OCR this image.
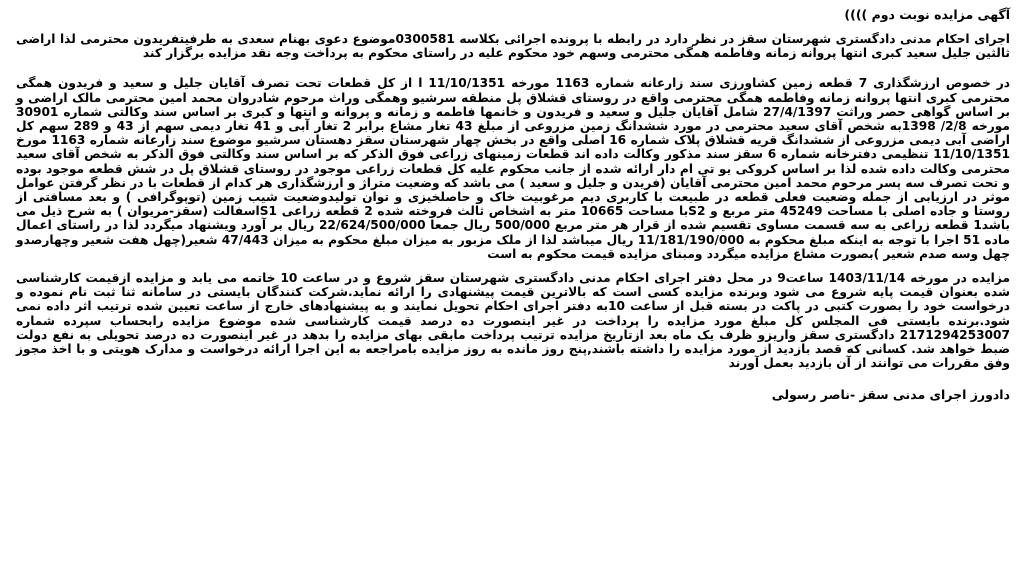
آگهی مزایده نوبت دوم ))))

اجرای احکام مدنی دادگستری شهرستان سقز در نظر دارد در رابطه با پرونده اجرائی بکلاسه 0300581موضوع دعوی بهنام سعدی به طرفیتفریدون محترمی لذا اراضی ثالثین جلیل سعید کبری انتها پروانه زمانه وفاطمه همگی محترمی وسهم خود محکوم علیه در راستای محکوم به پرداخت وجه نقد مزایده برگزار کند

در خصوص ارزشگذاری 7 قطعه زمین کشاورزی سند زارعانه شماره 1163 مورخه 11/10/1351 ا از کل قطعات تحت تصرف آقایان جلیل و سعید و فریدون همگی محترمی کبری انتها پروانه زمانه وفاطمه همگی محترمی واقع در روستای قشلاق پل منطقه سرشیو وهمگی وراث مرحوم شادروان محمد امین محترمی مالک اراضی و بر اساس گواهی حصر وراثت 27/4/1397 شامل آقایان جلیل و سعید و فریدون و خانمها فاطمه و زمانه و پروانه و انتها و کبری بر اساس سند وکالتی شماره 30901 مورخه 2/8/ 1398به شخص آقای سعید محترمی در مورد ششدانگ زمین مزروعی از مبلغ 43 تغار مشاع برابر 2 تغار آبی و 41 تغار دیمی سهم از 43 و 289 سهم کل اراضی آبی دیمی مزروعی از ششدانگ قریه قشلاق پلاک شماره 16 اصلی واقع در بخش چهار شهرستان سقز دهستان سرشیو موضوع سند زارعانه شماره 1163 مورخ 11/10/1351 تنظیمی دفترخانه شماره 6 سقز سند مذکور وکالت داده اند قطعات زمینهای زراعی فوق الذکر که بر اساس سند وکالتی فوق الذکر به شخص آقای سعید محترمی وکالت داده شده لذا بر اساس کروکی یو تی ام دار ارائه شده از جانب محکوم علیه کل قطعات زراعی موجود در روستای قشلاق پل در شش قطعه موجود بوده و تحت تصرف سه پسر مرحوم محمد امین محترمی آقایان (فریدن و جلیل و سعید ) می باشد که وضعیت متراژ و ارزشگذاری هر کدام از قطعات با در نظر گرفتن عوامل موثر در ارزیابی از جمله وضعیت فعلی قطعه در طبیعت با کاربری دیم مرغوبیت خاک و حاصلخیزی و توان تولیدوضعیت شیب زمین (توپوگرافی ) و بعد مسافتی از روستا و جاده اصلی با مساحت 45249 متر مربع و S2با مساحت 10665 متر به اشخاص ثالث فروخته شده 2 قطعه زراعی S1اسفالت (سقز-مریوان ) به شرح ذیل می باشد1 قطعه زراعی به سه قسمت مساوی تقسیم شده از قرار هر متر مربع 500/000 ریال جمعا 22/624/500/000 ریال بر آورد ویشنهاد میگردد لذا در راستای اعمال ماده 51 اجرا با توجه به اینکه مبلغ محکوم به 11/181/190/000 ریال میباشد لذا از ملک مزبور به میزان مبلغ محکوم به میزان 47/443 شعیر(چهل هفت شعیر وچهارصدو چهل وسه صدم شعیر )بصورت مشاع مزایده میگردد ومبنای مزایده قیمت محکوم به است

مزایده در مورخه 1403/11/14 ساعت9 در محل دفتر اجرای احکام مدنی دادگستری شهرستان سقز شروع و در ساعت 10 خاتمه می یابد و مزایده ازقیمت کارشناسی شده بعنوان قیمت پایه شروع می شود وبرنده مزایده کسی است که بالاترین قیمت پیشنهادی را ارائه نماید.شرکت کنندگان بایستی در سامانه ثنا ثبت نام نموده و درخواست خود را بصورت کتبی در پاکت در بسته قبل از ساعت 10به دفتر اجرای احکام تحویل نمایند و به پیشنهادهای خارج از ساعت تعیین شده ترتیب اثر داده نمی شود.برنده بایستی فی المجلس کل مبلغ مورد مزایده را پرداخت در غیر اینصورت ده درصد قیمت کارشناسی شده موضوع مزایده رابحساب سپرده شماره 2171294253007 دادگستری سقز واریزو ظرف یک ماه بعد ازتاریخ مزایده ترتیب پرداخت مابقی بهای مزایده را بدهد در غیر اینصورت ده درصد تحویلی به نفع دولت ضبط خواهد شد. کسانی که قصد بازدید از مورد مزایده را داشته باشند,پنج روز مانده به روز مزایده بامراجعه به این اجرا ارائه درخواست و مدارک هویتی و با اخذ مجوز وفق مقررات می توانند از آن بازدید بعمل آورند

دادورز اجرای مدنی سقز -ناصر رسولی
